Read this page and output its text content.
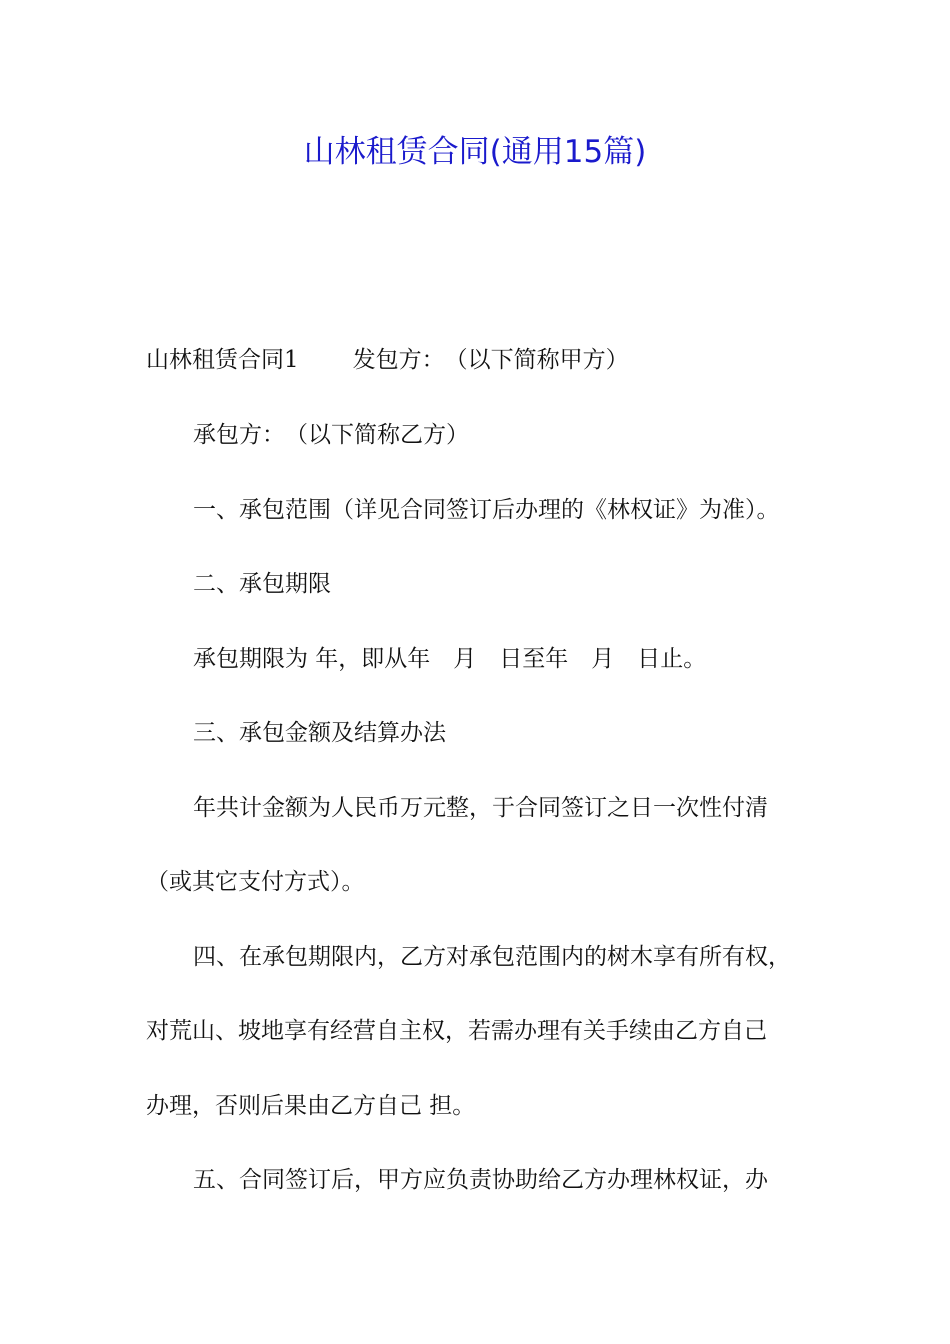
山林租赁合同(通用15篇)

山林租赁合同1 发包方：　（以下简称甲方）

承包方：　（以下简称乙方）

一、承包范围（详见合同签订后办理的《林权证》为准）。

二、承包期限

承包期限为 年，即从年　月　日至年　月　日止。

三、承包金额及结算办法

年共计金额为人民币万元整，于合同签订之日一次性付清

（或其它支付方式）。

四、在承包期限内，乙方对承包范围内的树木享有所有权，

对荒山、坡地享有经营自主权，若需办理有关手续由乙方自己

办理，否则后果由乙方自己 担。

五、合同签订后，甲方应负责协助给乙方办理林权证，办
